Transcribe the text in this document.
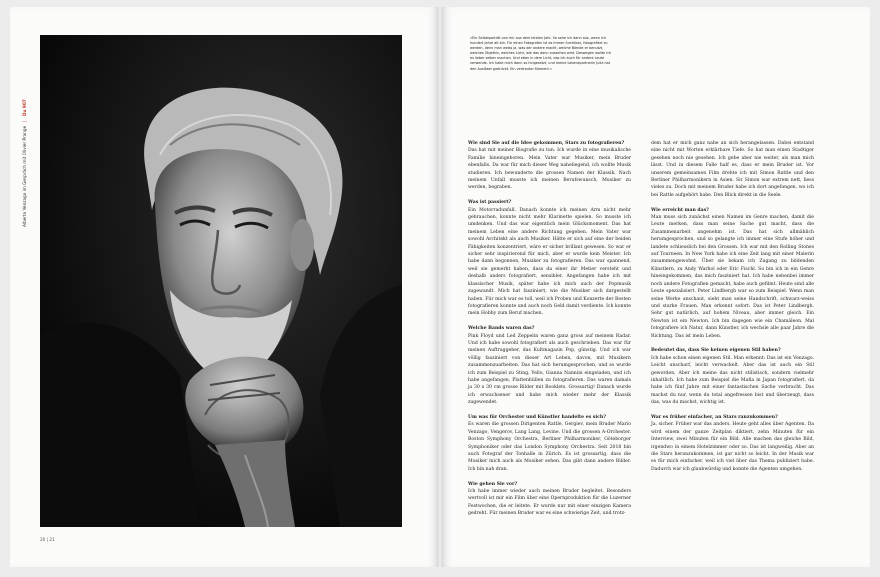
Alberto Venzago im Gespräch mit Olivier Prange
|
Du 907
20 | 21

«Ein Selbstporträt von mir aus dem letzten Jahr. So sehe ich dann aus, wenn ich hundert Jahre alt bin. Für einen Fotografen ist es immer furchtbar, fotografiert zu werden, denn man weiss ja, was der andere macht, welche Blende er benutzt, welches Objektiv, welches Licht, wie das dann aussehen wird. Deswegen wollte ich es lieber selber machen. Und eben in dem Licht, das ich auch für andere Leute verwende. Ich habe mich dann so hingesetzt, und meine Lebenspartnerin Julia hat den Auslöser gedrückt. Ein vertrauter Moment.»

Wie sind Sie auf die Idee gekommen, Stars zu fotografieren?

Das hat mit meiner Biografie zu tun. Ich wurde in eine musikalische Familie hineingeboren. Mein Vater war Musiker, mein Bruder ebenfalls. Da war für mich dieser Weg naheliegend, ich wollte Musik studieren. Ich bewunderte die grossen Namen der Klassik. Nach meinem Unfall musste ich meinen Berufswunsch, Musiker zu werden, begraben.

Was ist passiert?

Ein Motorradunfall. Danach konnte ich meinen Arm nicht mehr gebrauchen, konnte nicht mehr Klarinette spielen. So musste ich umdenken. Und das war eigentlich mein Glücksmoment. Das hat meinem Leben eine andere Richtung gegeben. Mein Vater war sowohl Architekt als auch Musiker. Hätte er sich auf eine der beiden Fähigkeiten konzentriert, wäre er sicher brillant gewesen. So war er sicher sehr inspirierend für mich, aber er wurde kein Meister. Ich habe dann begonnen, Musiker zu fotografieren. Das war spannend, weil sie gemerkt haben, dass da einer ihr Metier versteht und deshalb anders fotografiert, sensibler. Angefangen habe ich mit klassischer Musik, später habe ich mich auch der Popmusik zugewandt. Mich hat fasziniert, wie die Musiker sich dargestellt haben. Für mich war es toll, weil ich Proben und Konzerte der Besten fotografieren konnte und auch noch Geld damit verdiente. Ich konnte mein Hobby zum Beruf machen.

Welche Bands waren das?

Pink Floyd und Led Zeppelin waren ganz gross auf meinem Radar. Und ich habe sowohl fotografiert als auch geschrieben. Das war für meinen Auftraggeber, das Kultmagazin Pop, günstig. Und ich war völlig fasziniert von dieser Art Leben, davon, mit Musikern zusammenzuarbeiten. Das hat sich herumgesprochen, und so wurde ich zum Beispiel zu Sting, Yello, Gianna Nannini eingeladen, und ich habe angefangen, Plattenhüllen zu fotografieren. Das waren damals ja 30 x 30 cm grosse Bilder mit Booklets. Grossartig! Danach wurde ich erwachsener und habe mich wieder mehr der Klassik zugewendet.

Um was für Orchester und Künstler handelte es sich?

Es waren die grossen Dirigenten Rattle, Gergiev, mein Bruder Mario Venzago, Vengerov, Lang Lang, Levine. Und die grossen A-Orchester. Boston Symphony Orchestra, Berliner Philharmoniker, Göteborger Symphoniker oder das London Symphony Orchestra. Seit 2018 bin auch Fotograf der Tonhalle in Zürich. Es ist grossartig, dass die Musiker mich auch als Musiker sehen. Das gibt dann andere Bilder. Ich bin nah dran.

Wie gehen Sie vor?

Ich habe immer wieder auch meinen Bruder begleitet. Besonders wertvoll ist mir ein Film über eine Opernproduktion für die Luzerner Festwochen, die er leitete. Er wurde nur mit einer einzigen Kamera gedreht. Für meinen Bruder war es eine schwierige Zeit, und trotz-

dem hat er mich ganz nahe an sich herangelassen. Dabei entstand eine nicht mit Worten erklärbare Tiefe. So hat man einen Stadtiger gesehen noch nie gesehen. Ich gebe aber nie weiter, als man mich lässt. Und in diesem Falle half es, dass er mein Bruder ist. Vor unserem gemeinsamen Film drehte ich mit Simon Rattle und den Berliner Philharmonikern in Asien. Sir Simon war extrem nett, liess vieles zu. Doch mit meinem Bruder habe ich dort angefangen, wo ich bei Rattle aufgehört habe. Den Blick direkt in die Seele.

Wie erreicht man das?

Man muss sich zunächst einen Namen im Genre machen, damit die Leute merken, dass man seine Sache gut macht, dass die Zusammenarbeit angenehm ist. Das hat sich allmählich herumgesprochen, und so gelangte ich immer eine Stufe höher und landete schliesslich bei den Grossen. Ich war mit den Rolling Stones auf Tourneen. In New York habe ich eine Zeit lang mit einer Malerin zusammengewohnt. Über sie bekam ich Zugang zu bildenden Künstlern, zu Andy Warhol oder Eric Fischl. So bin ich in ein Genre hineingekommen, das mich fasziniert hat. Ich habe nebenbei immer noch andere Fotografien gemacht, habe auch gefilmt. Heute sind alle Leute spezialisiert. Peter Lindbergh war so zum Beispiel. Wenn man seine Werke anschaut, sieht man seine Handschrift, schwarz-weiss und starke Frauen. Man erkennt sofort: Das ist Peter Lindbergh. Sehr gut natürlich, auf hohem Niveau, aber immer gleich. Ein Newton ist ein Newton. Ich bin dagegen wie ein Chamäleon. Mal fotografiere ich Natur, dann Künstler, ich wechsle alle paar Jahre die Richtung. Das ist mein Leben.

Bedeutet das, dass Sie keinen eigenen Stil haben?

Ich habe schon einen eigenen Stil. Man erkennt: Das ist ein Venzago. Leicht unscharf, leicht verwackelt. Aber das ist auch ein Stil geworden. Aber ich meine das nicht stilistisch, sondern vielmehr inhaltlich. Ich habe zum Beispiel die Mafia in Japan fotografiert, da habe ich fünf Jahre mit einer fantastischen Sache verbracht. Das machst du nur, wenn du total angefressen bist und überzeugt, dass das, was du machst, wichtig ist.

War es früher einfacher, an Stars ranzukommen?

Ja, sicher. Früher war das anders. Heute geht alles über Agenten. Da wird einem der ganze Zeitplan diktiert, zehn Minuten für ein Interview, zwei Minuten für ein Bild. Alle machen das gleiche Bild, irgendwo in einem Hotelzimmer oder so. Das ist langweilig. Aber an die Stars heranzukommen, ist gar nicht so leicht. In der Musik war es für mich einfacher, weil ich viel über das Thema publiziert habe. Dadurch war ich glaubwürdig und konnte die Agenten umgehen.
